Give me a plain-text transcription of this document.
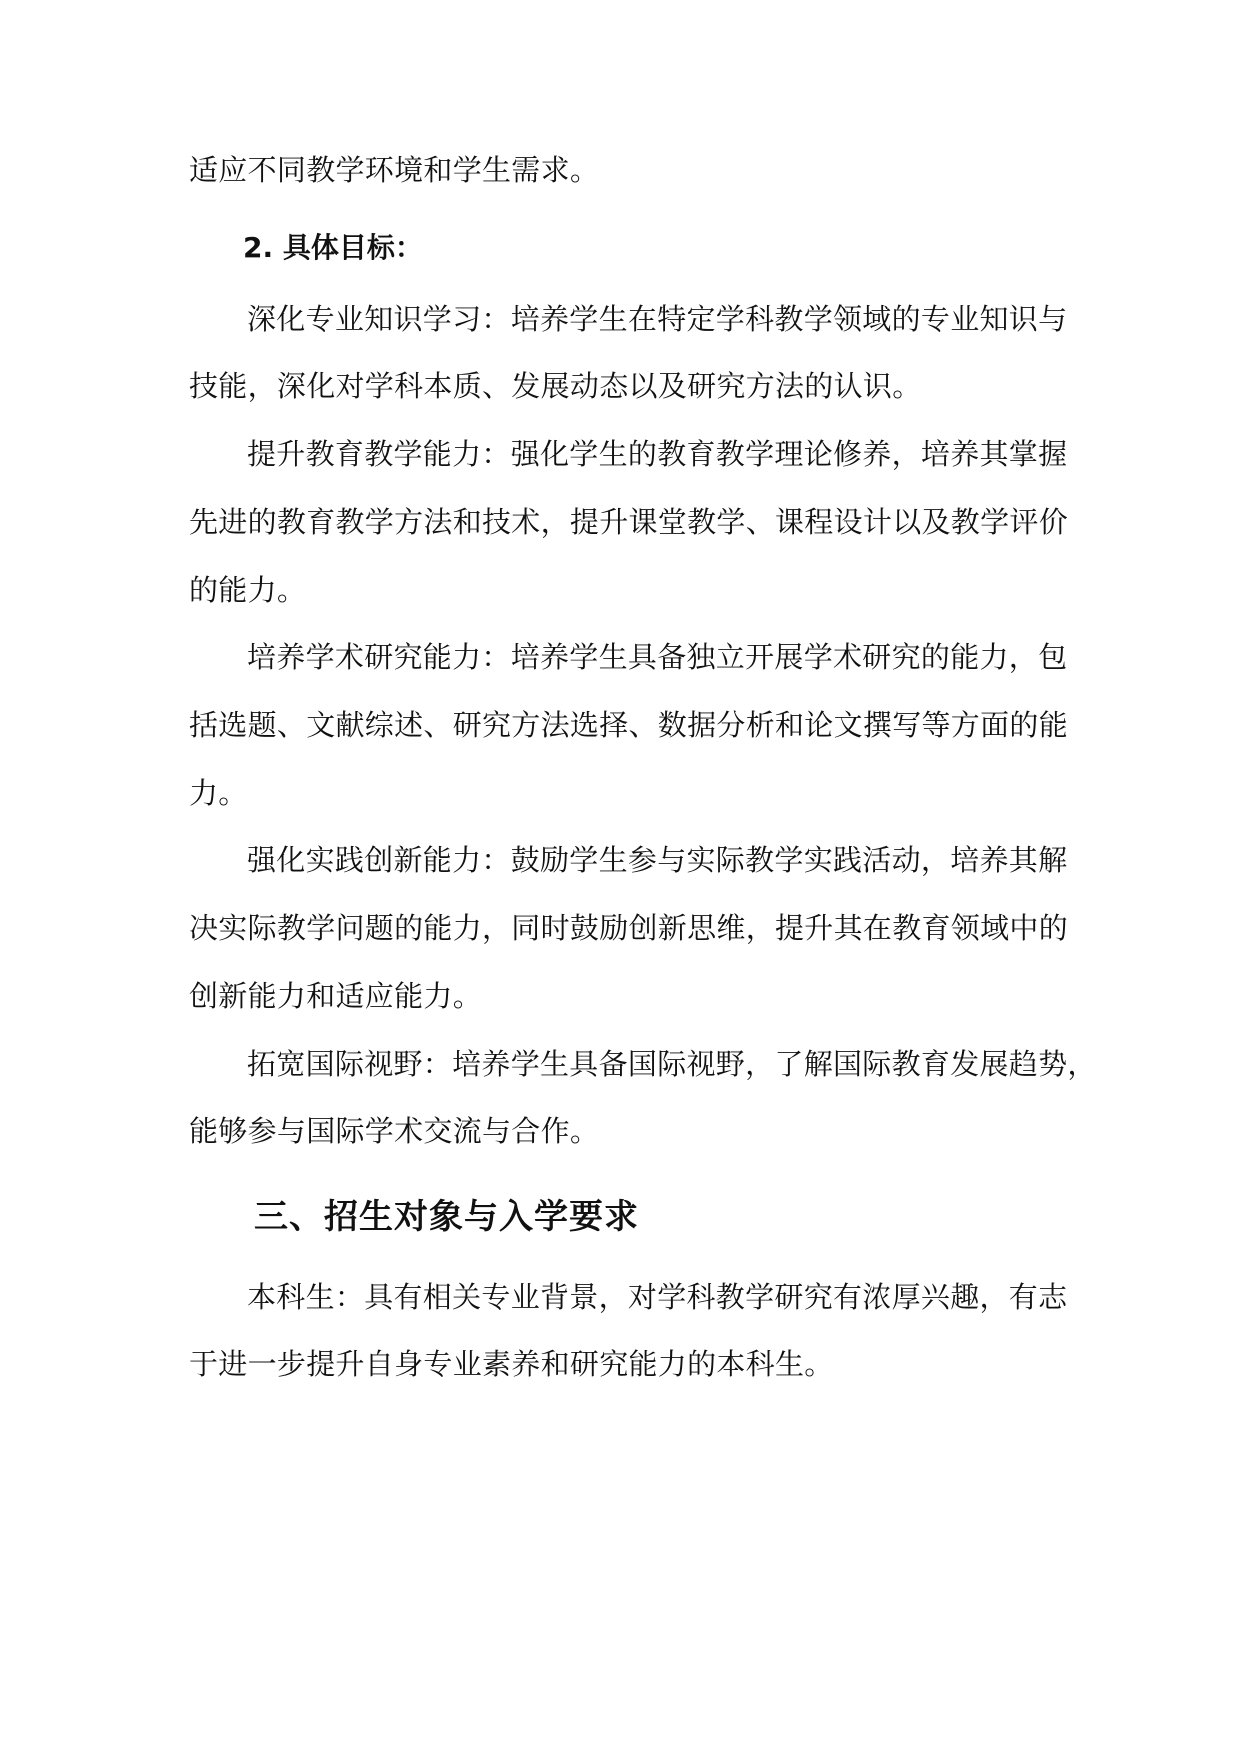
适应不同教学环境和学生需求。
2. 具体目标：
深化专业知识学习：培养学生在特定学科教学领域的专业知识与
技能，深化对学科本质、发展动态以及研究方法的认识。
提升教育教学能力：强化学生的教育教学理论修养，培养其掌握
先进的教育教学方法和技术，提升课堂教学、课程设计以及教学评价
的能力。
培养学术研究能力：培养学生具备独立开展学术研究的能力，包
括选题、文献综述、研究方法选择、数据分析和论文撰写等方面的能
力。
强化实践创新能力：鼓励学生参与实际教学实践活动，培养其解
决实际教学问题的能力，同时鼓励创新思维，提升其在教育领域中的
创新能力和适应能力。
拓宽国际视野：培养学生具备国际视野，了解国际教育发展趋势，
能够参与国际学术交流与合作。
三、招生对象与入学要求
本科生：具有相关专业背景，对学科教学研究有浓厚兴趣，有志
于进一步提升自身专业素养和研究能力的本科生。
